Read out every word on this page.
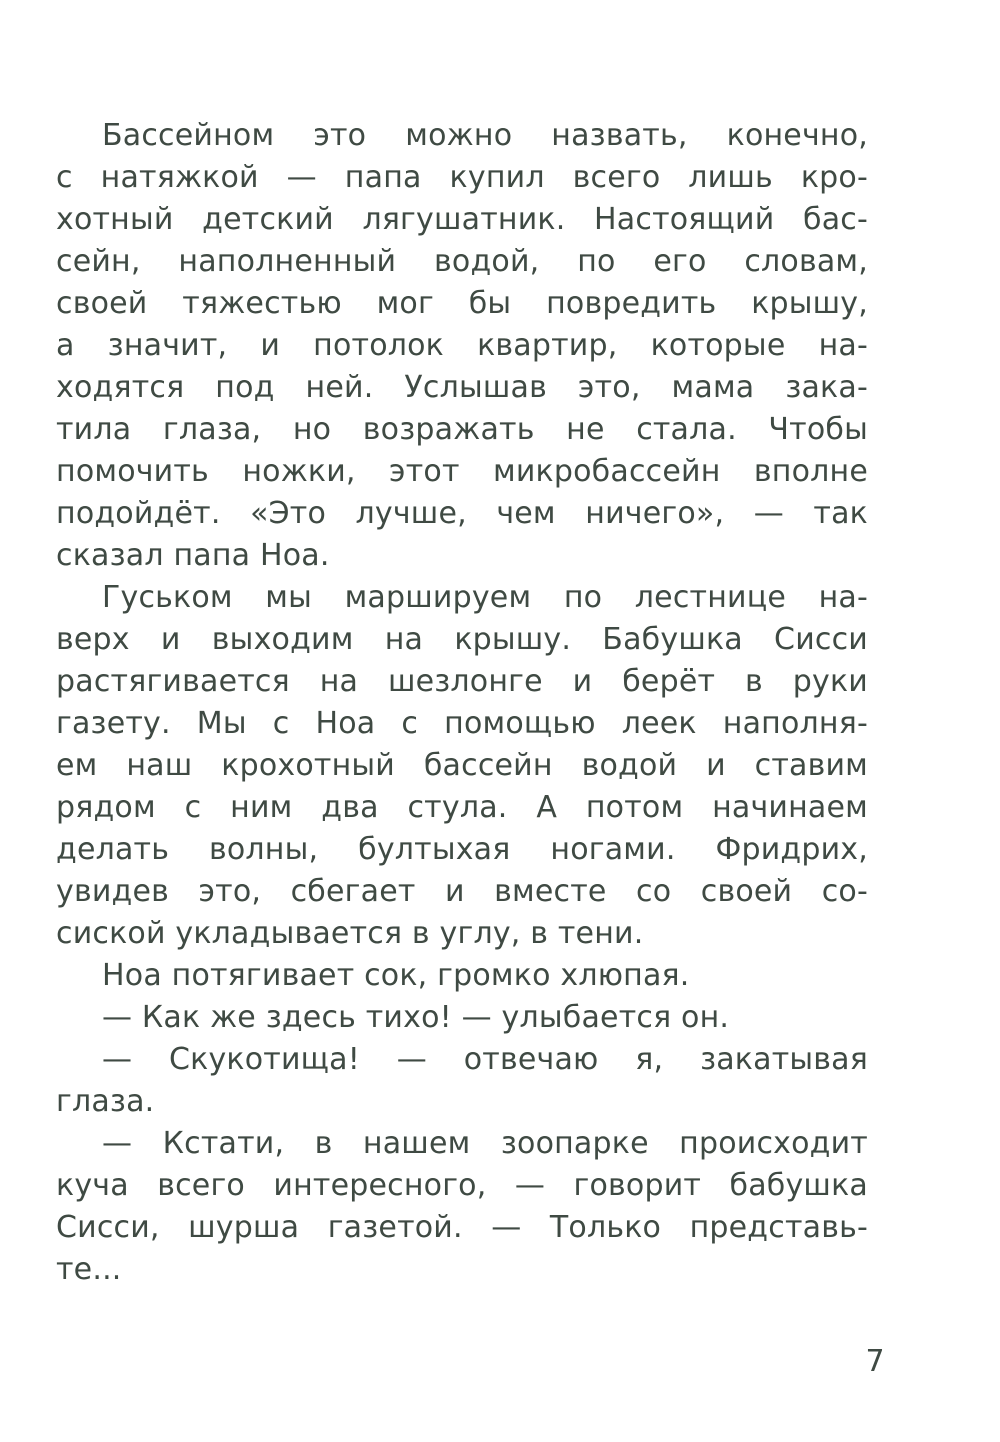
Бассейном это можно назвать, конечно,
с натяжкой — папа купил всего лишь кро-
хотный детский лягушатник. Настоящий бас-
сейн, наполненный водой, по его словам,
своей тяжестью мог бы повредить крышу,
а значит, и потолок квартир, которые на-
ходятся под ней. Услышав это, мама зака-
тила глаза, но возражать не стала. Чтобы
помочить ножки, этот микробассейн вполне
подойдёт. «Это лучше, чем ничего», — так
сказал папа Ноа.
Гуськом мы маршируем по лестнице на-
верх и выходим на крышу. Бабушка Сисси
растягивается на шезлонге и берёт в руки
газету. Мы с Ноа с помощью леек наполня-
ем наш крохотный бассейн водой и ставим
рядом с ним два стула. А потом начинаем
делать волны, бултыхая ногами. Фридрих,
увидев это, сбегает и вместе со своей со-
сиской укладывается в углу, в тени.
Ноа потягивает сок, громко хлюпая.
— Как же здесь тихо! — улыбается он.
— Скукотища! — отвечаю я, закатывая
глаза.
— Кстати, в нашем зоопарке происходит
куча всего интересного, — говорит бабушка
Сисси, шурша газетой. — Только представь-
те...
7
